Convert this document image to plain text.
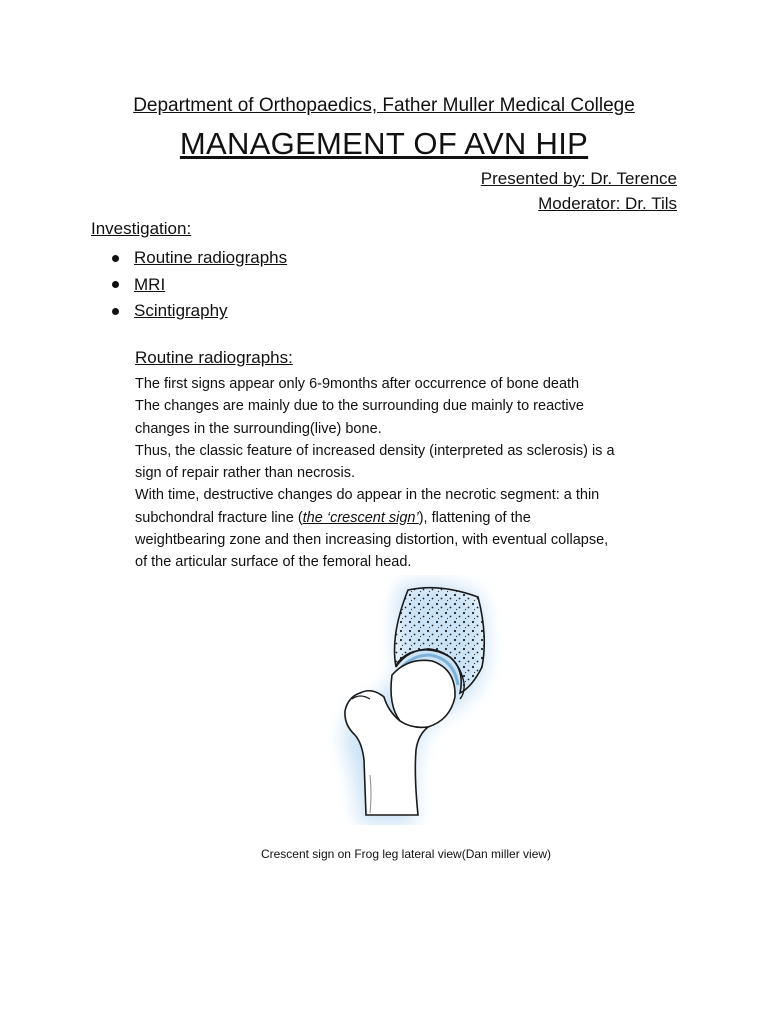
Department of Orthopaedics, Father Muller Medical College
MANAGEMENT OF AVN HIP
Presented by: Dr. Terence
Moderator: Dr. Tils
Investigation:
Routine radiographs
MRI
Scintigraphy
Routine radiographs:
The first signs appear only 6-9months after occurrence of bone death
The changes are mainly due to the surrounding due mainly to reactive
changes in the surrounding(live) bone.
Thus, the classic feature of increased density (interpreted as sclerosis) is a
sign of repair rather than necrosis.
With time, destructive changes do appear in the necrotic segment: a thin
subchondral fracture line (the ‘crescent sign’), flattening of the
weightbearing zone and then increasing distortion, with eventual collapse,
of the articular surface of the femoral head.
Crescent sign on Frog leg lateral view(Dan miller view)
